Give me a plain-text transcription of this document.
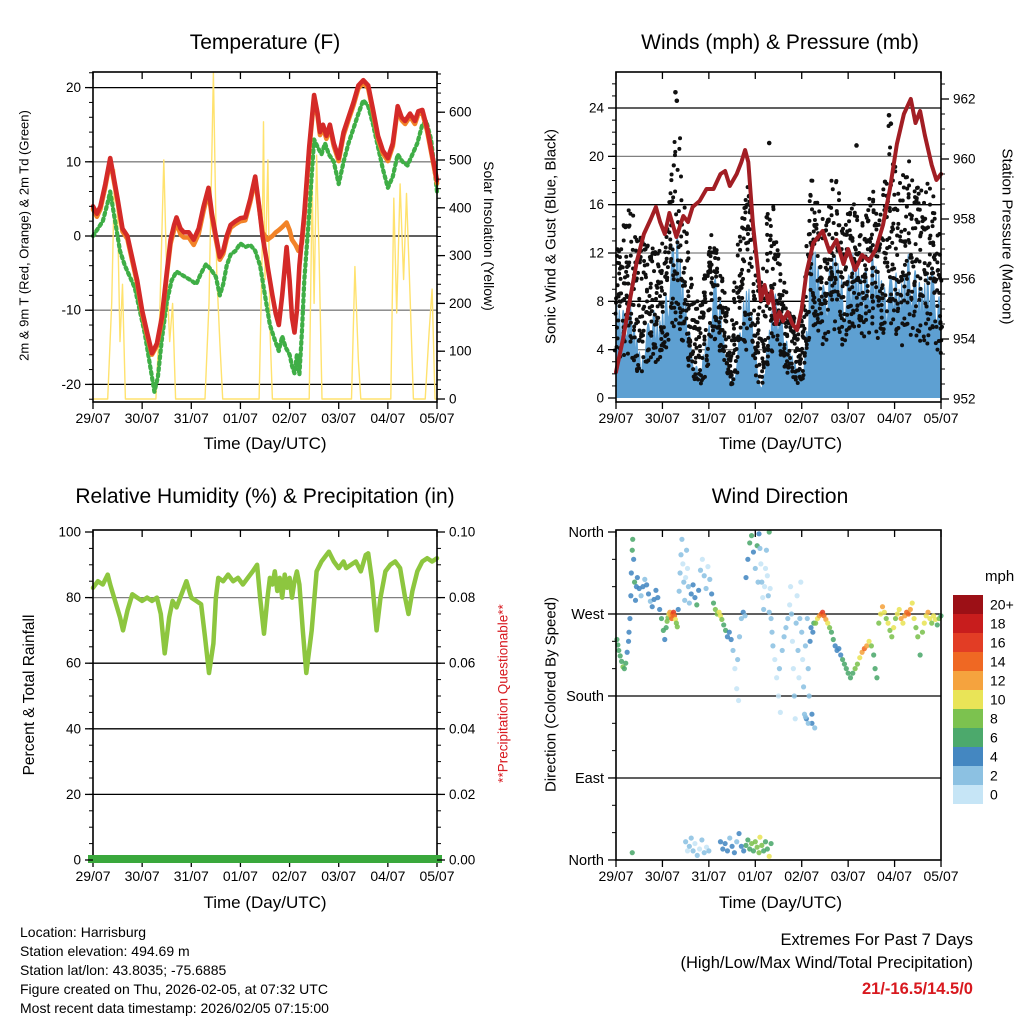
29/07 30/07 31/07 01/07 02/07 03/07 04/07 05/07
-20
-10
0
10
20
0
100
200
300
400
500
600
29/07 30/07 31/07 01/07 02/07 03/07 04/07 05/07
0
4
8
12
16
20
24
952
954
956
958
960
962
29/07 30/07 31/07 01/07 02/07 03/07 04/07 05/07
0
20
40
60
80
100
0.00
0.02
0.04
0.06
0.08
0.10
29/07 30/07 31/07 01/07 02/07 03/07 04/07 05/07
North
West
South
East
North
20+
18
16
14
12
10
8
6
4
2
0
Temperature (F)	Winds (mph) & Pressure (mb)
Relative Humidity (%) & Precipitation (in)	Wind Direction
Time (Day/UTC)	Time (Day/UTC)
Time (Day/UTC)	Time (Day/UTC)
2m & 9m T (Red, Orange) & 2m Td (Green)	Solar Insolation (Yellow)	Sonic Wind & Gust (Blue, Black)	Station Pressure (Maroon)
Percent & Total Rainfall	**Precipitation Questionable** Direction (Colored By Speed)
mph
Location: Harrisburg
Station elevation: 494.69 m
Station lat/lon: 43.8035; -75.6885
Figure created on Thu, 2026-02-05, at 07:32 UTC
Most recent data timestamp: 2026/02/05 07:15:00
Extremes For Past 7 Days
(High/Low/Max Wind/Total Precipitation)
21/-16.5/14.5/0
